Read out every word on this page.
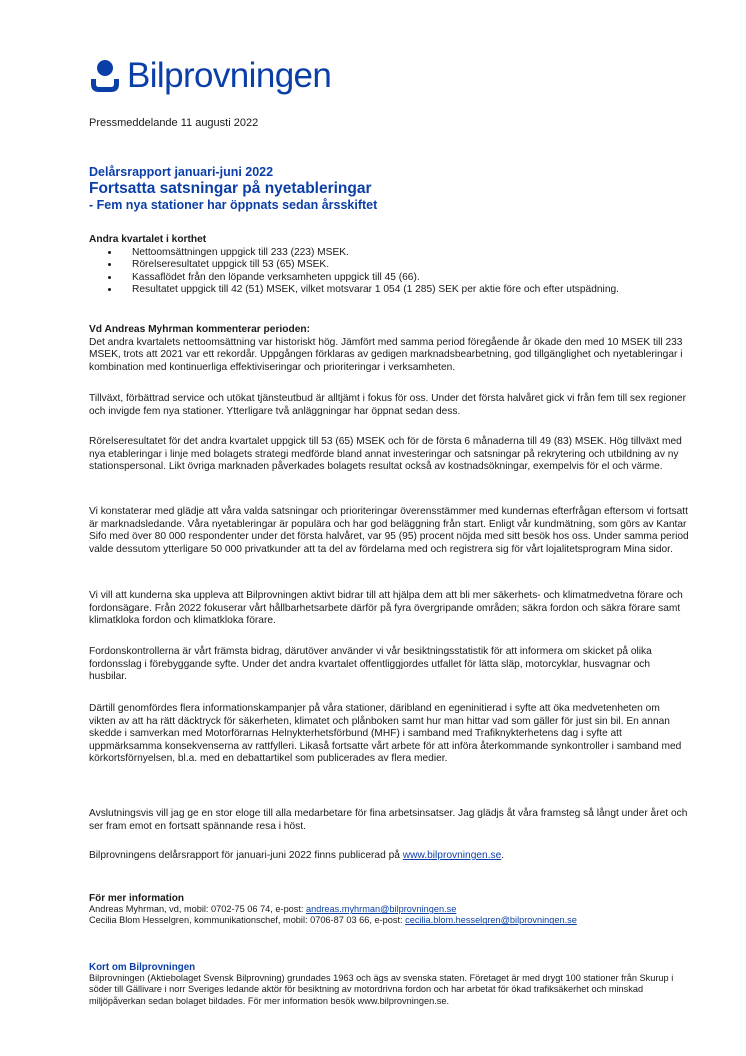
Bilprovningen
Pressmeddelande 11 augusti 2022
Delårsrapport januari-juni 2022
Fortsatta satsningar på nyetableringar
- Fem nya stationer har öppnats sedan årsskiftet
Andra kvartalet i korthet
• Nettoomsättningen uppgick till 233 (223) MSEK.
• Rörelseresultatet uppgick till 53 (65) MSEK.
• Kassaflödet från den löpande verksamheten uppgick till 45 (66).
• Resultatet uppgick till 42 (51) MSEK, vilket motsvarar 1 054 (1 285) SEK per aktie före och efter utspädning.
Vd Andreas Myhrman kommenterar perioden:

Det andra kvartalets nettoomsättning var historiskt hög. Jämfört med samma period föregående år ökade den med 10 MSEK till 233 MSEK, trots att 2021 var ett rekordår. Uppgången förklaras av gedigen marknadsbearbetning, god tillgänglighet och nyetableringar i kombination med kontinuerliga effektiviseringar och prioriteringar i verksamheten.

Tillväxt, förbättrad service och utökat tjänsteutbud är alltjämt i fokus för oss. Under det första halvåret gick vi från fem till sex regioner och invigde fem nya stationer. Ytterligare två anläggningar har öppnat sedan dess.

Rörelseresultatet för det andra kvartalet uppgick till 53 (65) MSEK och för de första 6 månaderna till 49 (83) MSEK. Hög tillväxt med nya etableringar i linje med bolagets strategi medförde bland annat investeringar och satsningar på rekrytering och utbildning av ny stationspersonal. Likt övriga marknaden påverkades bolagets resultat också av kostnadsökningar, exempelvis för el och värme.

Vi konstaterar med glädje att våra valda satsningar och prioriteringar överensstämmer med kundernas efterfrågan eftersom vi fortsatt är marknadsledande. Våra nyetableringar är populära och har god beläggning från start. Enligt vår kundmätning, som görs av Kantar Sifo med över 80 000 respondenter under det första halvåret, var 95 (95) procent nöjda med sitt besök hos oss. Under samma period valde dessutom ytterligare 50 000 privatkunder att ta del av fördelarna med och registrera sig för vårt lojalitetsprogram Mina sidor.

Vi vill att kunderna ska uppleva att Bilprovningen aktivt bidrar till att hjälpa dem att bli mer säkerhets- och klimatmedvetna förare och fordonsägare. Från 2022 fokuserar vårt hållbarhetsarbete därför på fyra övergripande områden; säkra fordon och säkra förare samt klimatkloka fordon och klimatkloka förare.

Fordonskontrollerna är vårt främsta bidrag, därutöver använder vi vår besiktningsstatistik för att informera om skicket på olika fordonsslag i förebyggande syfte. Under det andra kvartalet offentliggjordes utfallet för lätta släp, motorcyklar, husvagnar och husbilar.

Därtill genomfördes flera informationskampanjer på våra stationer, däribland en egeninitierad i syfte att öka medvetenheten om vikten av att ha rätt däcktryck för säkerheten, klimatet och plånboken samt hur man hittar vad som gäller för just sin bil. En annan skedde i samverkan med Motorförarnas Helnykterhetsförbund (MHF) i samband med Trafiknykterhetens dag i syfte att uppmärksamma konsekvenserna av rattfylleri. Likaså fortsatte vårt arbete för att införa återkommande synkontroller i samband med körkortsförnyelsen, bl.a. med en debattartikel som publicerades av flera medier.

Avslutningsvis vill jag ge en stor eloge till alla medarbetare för fina arbetsinsatser. Jag glädjs åt våra framsteg så långt under året och ser fram emot en fortsatt spännande resa i höst.

Bilprovningens delårsrapport för januari-juni 2022 finns publicerad på www.bilprovningen.se.
För mer information
Andreas Myhrman, vd, mobil: 0702-75 06 74, e-post: andreas.myhrman@bilprovningen.se
Cecilia Blom Hesselgren, kommunikationschef, mobil: 0706-87 03 66, e-post: cecilia.blom.hesselgren@bilprovningen.se
Kort om Bilprovningen

Bilprovningen (Aktiebolaget Svensk Bilprovning) grundades 1963 och ägs av svenska staten. Företaget är med drygt 100 stationer från Skurup i söder till Gällivare i norr Sveriges ledande aktör för besiktning av motordrivna fordon och har arbetat för ökad trafiksäkerhet och minskad miljöpåverkan sedan bolaget bildades. För mer information besök www.bilprovningen.se.
